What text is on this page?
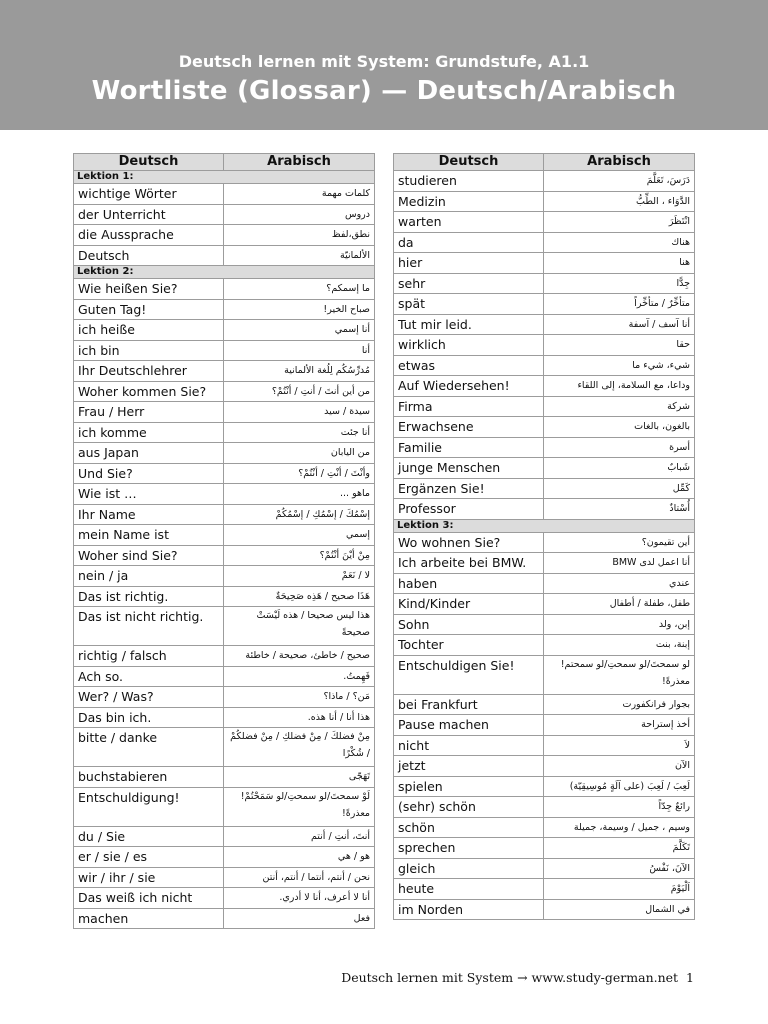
Deutsch lernen mit System: Grundstufe, A1.1
Wortliste (Glossar) — Deutsch/Arabisch
Deutsch	Arabisch
Lektion 1:	
wichtige Wörter	كلمات مهمة
der Unterricht	دروس
die Aussprache	نطق،لفظ
Deutsch	الألمانيّة
Lektion 2:	
Wie heißen Sie?	ما إسمكم؟
Guten Tag!	صباح الخير!
ich heiße	أنا إسمي
ich bin	أنا
Ihr Deutschlehrer	مُدرِّسُكُم لِلُغة الألمانية
Woher kommen Sie?	من أين أنتَ / أنتِ / أنْتُمْ؟
Frau / Herr	سيدة / سيد
ich komme	أنا جئت
aus Japan	من اليابان
Und Sie?	وأنْتَ / أنْتِ / أنْتُمْ؟
Wie ist …	ماهو ...
Ihr Name	إسْمُكَ / إسْمُكِ / إسْمُكُمْ
mein Name ist	إسمي
Woher sind Sie?	مِنْ أيْنَ أنْتُمْ؟
nein / ja	لا / نَعَمْ
Das ist richtig.	هَذَا صحيح / هَذِه صَحِيحَةٌ
Das ist nicht richtig.	هذا ليس صحيحا / هذه لَيْسَتْ صحيحةً
richtig / falsch	صحيح / خاطئ، صحيحة / خاطئة
Ach so.	فَهِمتُ.
Wer? / Was?	مَن؟ / ماذا؟
Das bin ich.	هذا أنا / أنا هذه.
bitte / danke	مِنْ فضلكَ / مِنْ فضلكِ / مِنْ فضلكُمْ / شُكْرًا
buchstabieren	تَهَجّى
Entschuldigung!	لَوْ سمحتَ/لو سمحتِ/لو سَمَحْتُمْ! معذرةً!
du / Sie	أنتَ، أنتِ / أنتم
er / sie / es	هو / هي
wir / ihr / sie	نحن / أنتم، أنتما / أنتم، أنتن
Das weiß ich nicht	أنا لا أعرف، أنا لا أدري.
machen	فعل
Deutsch	Arabisch
studieren	دَرَسَ، تَعَلَّمَ
Medizin	الدَّوَاء ، الطِّبُّ
warten	انْتَظَرَ
da	هناك
hier	هنا
sehr	جِدًّا
spät	متأخِّرٌ / متأخِّراً
Tut mir leid.	أنا آسف / آسفة
wirklich	حقا
etwas	شيء، شيء ما
Auf Wiedersehen!	وداعا، مع السلامة، إلى اللقاء
Firma	شركة
Erwachsene	بالغون، بالغات
Familie	أسرة
junge Menschen	شَبابٌ
Ergänzen Sie!	كَمِّل
Professor	أُسْتاذٌ
Lektion 3:	
Wo wohnen Sie?	أين تقيمون؟
Ich arbeite bei BMW.	أنا اعمل لدى BMW
haben	عندي
Kind/Kinder	طفل، طفلة / أطفال
Sohn	إبن، ولد
Tochter	إبنة، بنت
Entschuldigen Sie!	لو سمحتَ/لو سمحتِ/لو سمحتم! معذرةً!
bei Frankfurt	بجوار فرانكفورت
Pause machen	أخذ إستراحة
nicht	لاَ
jetzt	الآن
spielen	لَعِبَ / لَعِبَ (على آلَةٍ مُوسِيقِيّة)
(sehr) schön	رائعٌ جِدّاً
schön	وسيم ، جميل / وسيمة، جميلة
sprechen	تَكَلَّمَ
gleich	الآنَ، نَفْسُ
heute	اَلْيَوْمَ
im Norden	في الشمال
Deutsch lernen mit System → www.study-german.net 1
